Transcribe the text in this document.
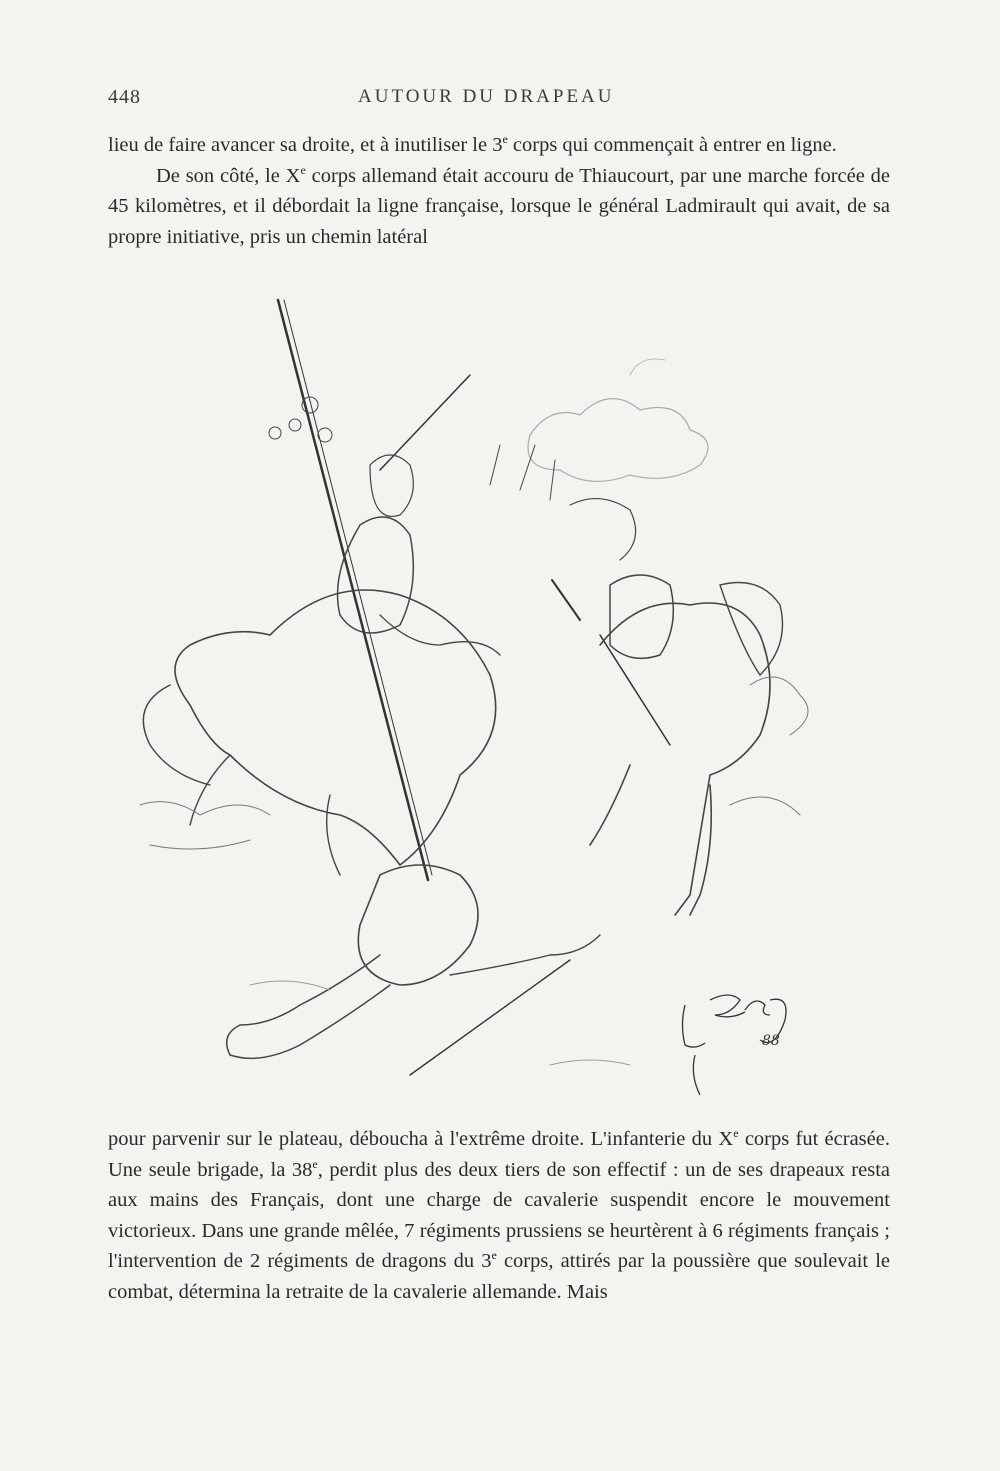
448	AUTOUR DU DRAPEAU

lieu de faire avancer sa droite, et à inutiliser le 3e corps qui commençait à entrer en ligne.

De son côté, le Xe corps allemand était accouru de Thiaucourt, par une marche forcée de 45 kilomètres, et il débordait la ligne française, lorsque le général Ladmirault qui avait, de sa propre initiative, pris un chemin latéral

88

pour parvenir sur le plateau, déboucha à l'extrême droite. L'infanterie du Xe corps fut écrasée. Une seule brigade, la 38e, perdit plus des deux tiers de son effectif : un de ses drapeaux resta aux mains des Français, dont une charge de cavalerie suspendit encore le mouvement victorieux. Dans une grande mêlée, 7 régiments prussiens se heurtèrent à 6 régiments français ; l'intervention de 2 régiments de dragons du 3e corps, attirés par la poussière que soulevait le combat, détermina la retraite de la cavalerie allemande. Mais
